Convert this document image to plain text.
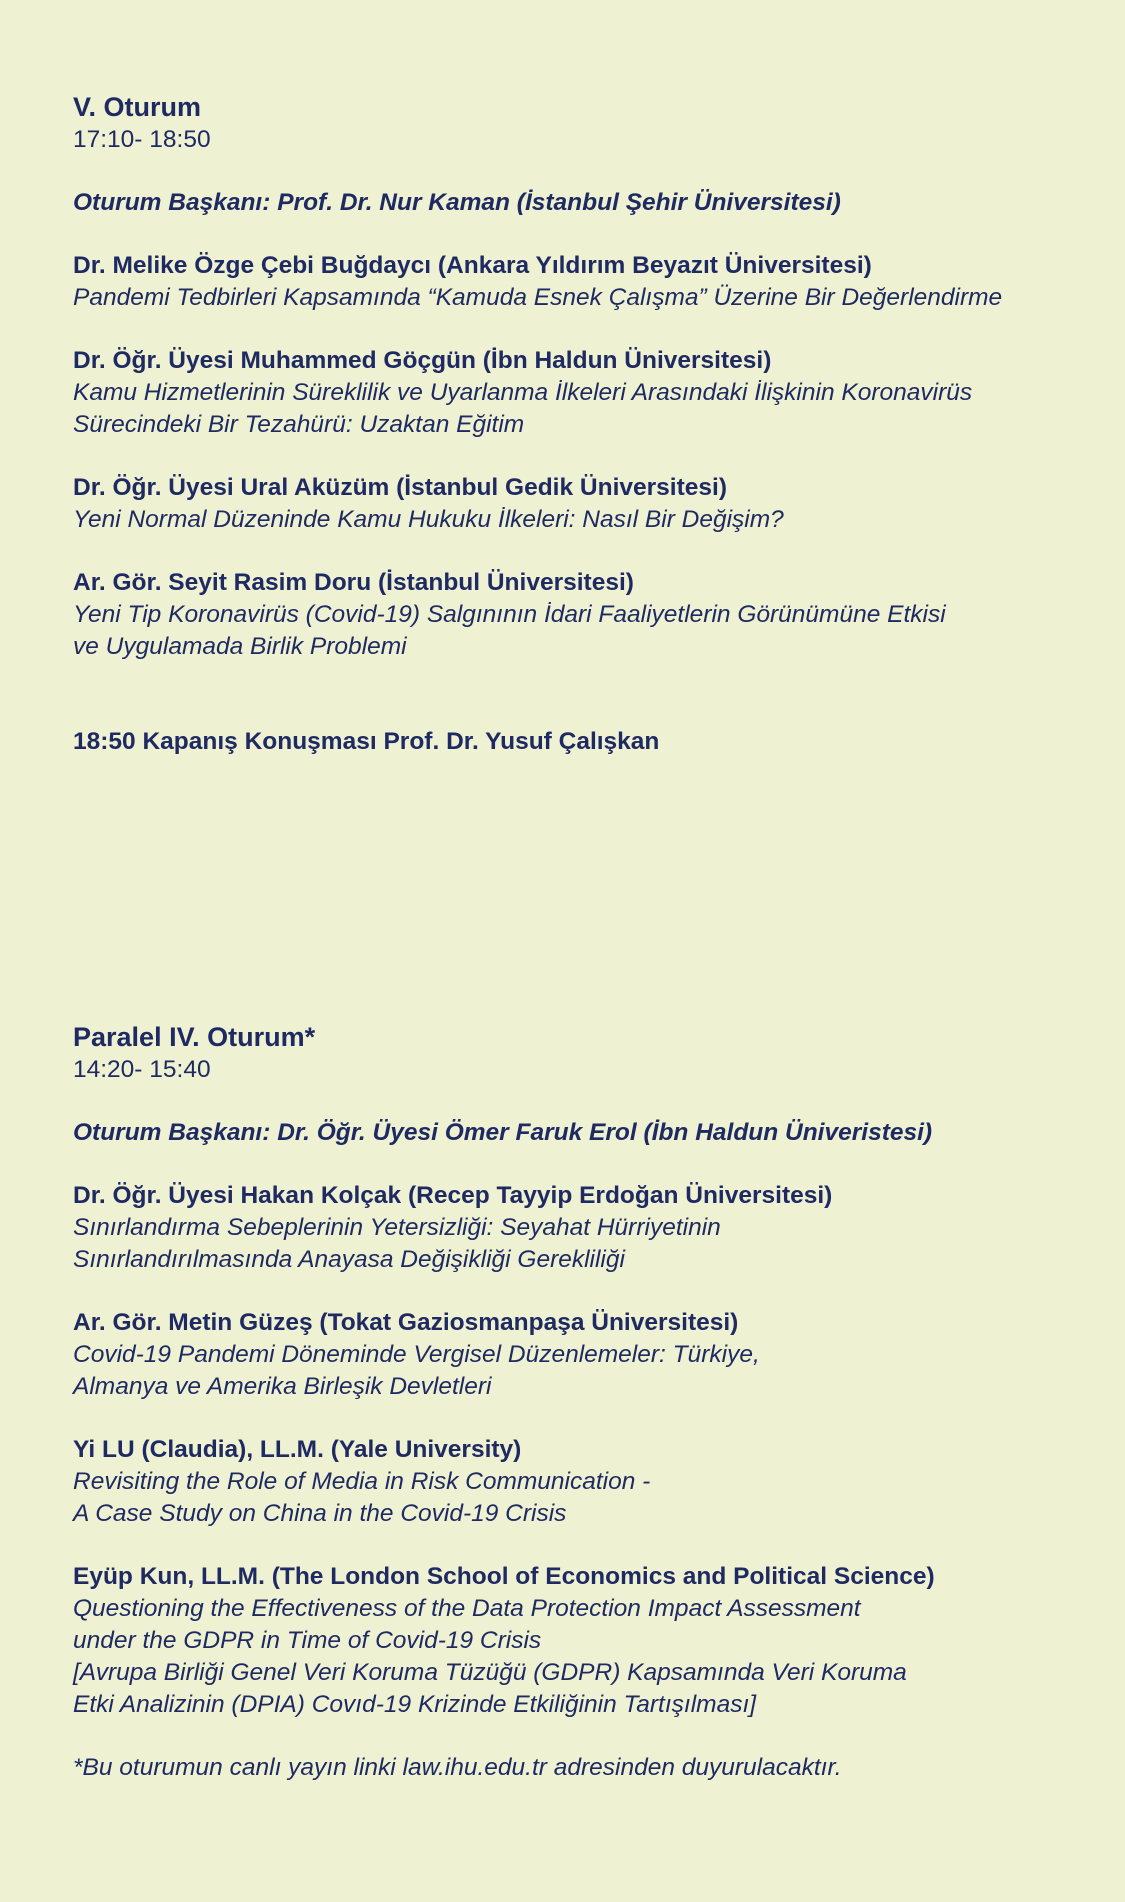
V. Oturum

17:10- 18:50

Oturum Başkanı: Prof. Dr. Nur Kaman (İstanbul Şehir Üniversitesi)

Dr. Melike Özge Çebi Buğdaycı (Ankara Yıldırım Beyazıt Üniversitesi)

Pandemi Tedbirleri Kapsamında “Kamuda Esnek Çalışma” Üzerine Bir Değerlendirme

Dr. Öğr. Üyesi Muhammed Göçgün (İbn Haldun Üniversitesi)

Kamu Hizmetlerinin Süreklilik ve Uyarlanma İlkeleri Arasındaki İlişkinin Koronavirüs

Sürecindeki Bir Tezahürü: Uzaktan Eğitim

Dr. Öğr. Üyesi Ural Aküzüm (İstanbul Gedik Üniversitesi)

Yeni Normal Düzeninde Kamu Hukuku İlkeleri: Nasıl Bir Değişim?

Ar. Gör. Seyit Rasim Doru (İstanbul Üniversitesi)

Yeni Tip Koronavirüs (Covid-19) Salgınının İdari Faaliyetlerin Görünümüne Etkisi

ve Uygulamada Birlik Problemi

18:50 Kapanış Konuşması Prof. Dr. Yusuf Çalışkan

Paralel IV. Oturum*

14:20- 15:40

Oturum Başkanı: Dr. Öğr. Üyesi Ömer Faruk Erol (İbn Haldun Üniveristesi)

Dr. Öğr. Üyesi Hakan Kolçak (Recep Tayyip Erdoğan Üniversitesi)

Sınırlandırma Sebeplerinin Yetersizliği: Seyahat Hürriyetinin

Sınırlandırılmasında Anayasa Değişikliği Gerekliliği

Ar. Gör. Metin Güzeş (Tokat Gaziosmanpaşa Üniversitesi)

Covid-19 Pandemi Döneminde Vergisel Düzenlemeler: Türkiye,

Almanya ve Amerika Birleşik Devletleri

Yi LU (Claudia), LL.M. (Yale University)

Revisiting the Role of Media in Risk Communication -

A Case Study on China in the Covid-19 Crisis

Eyüp Kun, LL.M. (The London School of Economics and Political Science)

Questioning the Effectiveness of the Data Protection Impact Assessment

under the GDPR in Time of Covid-19 Crisis

[Avrupa Birliği Genel Veri Koruma Tüzüğü (GDPR) Kapsamında Veri Koruma

Etki Analizinin (DPIA) Covıd-19 Krizinde Etkiliğinin Tartışılması]

*Bu oturumun canlı yayın linki law.ihu.edu.tr adresinden duyurulacaktır.
